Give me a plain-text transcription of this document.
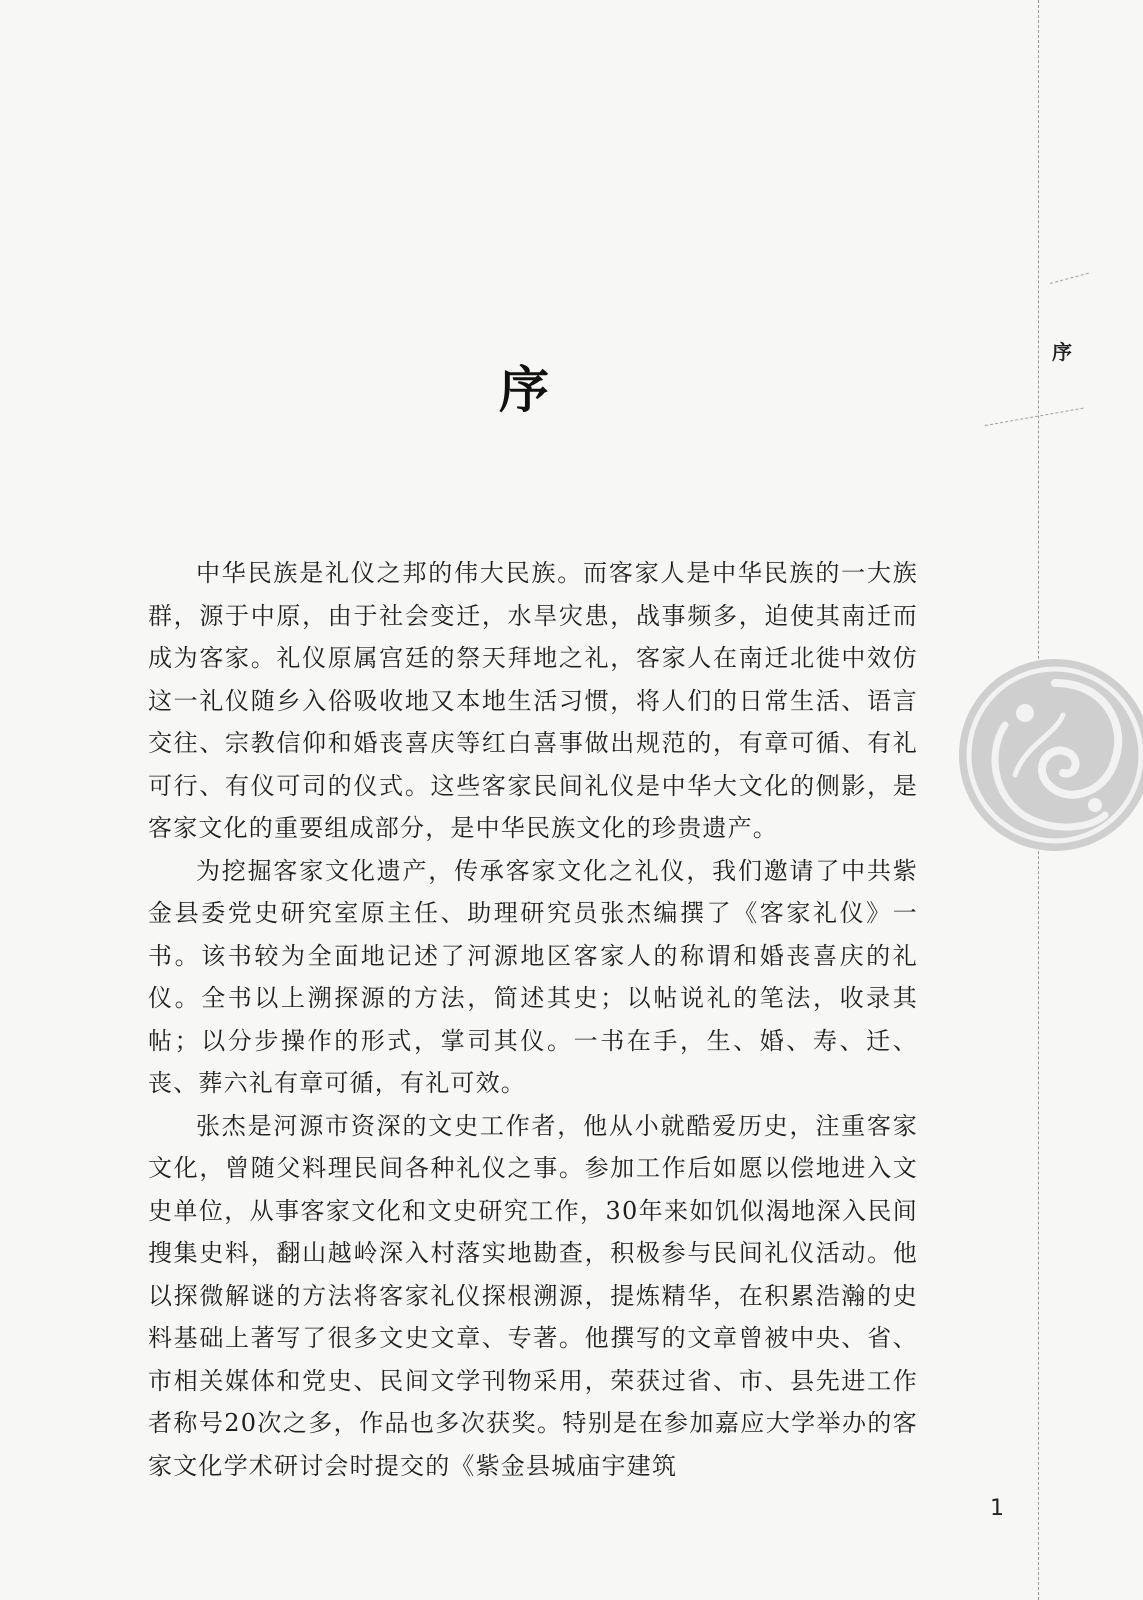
序
序

中华民族是礼仪之邦的伟大民族。而客家人是中华民族的一大族群，源于中原，由于社会变迁，水旱灾患，战事频多，迫使其南迁而成为客家。礼仪原属宫廷的祭天拜地之礼，客家人在南迁北徙中效仿这一礼仪随乡入俗吸收地又本地生活习惯，将人们的日常生活、语言交往、宗教信仰和婚丧喜庆等红白喜事做出规范的，有章可循、有礼可行、有仪可司的仪式。这些客家民间礼仪是中华大文化的侧影，是客家文化的重要组成部分，是中华民族文化的珍贵遗产。

为挖掘客家文化遗产，传承客家文化之礼仪，我们邀请了中共紫金县委党史研究室原主任、助理研究员张杰编撰了《客家礼仪》一书。该书较为全面地记述了河源地区客家人的称谓和婚丧喜庆的礼仪。全书以上溯探源的方法，简述其史；以帖说礼的笔法，收录其帖；以分步操作的形式，掌司其仪。一书在手，生、婚、寿、迁、丧、葬六礼有章可循，有礼可效。

张杰是河源市资深的文史工作者，他从小就酷爱历史，注重客家文化，曾随父料理民间各种礼仪之事。参加工作后如愿以偿地进入文史单位，从事客家文化和文史研究工作，30年来如饥似渴地深入民间搜集史料，翻山越岭深入村落实地勘查，积极参与民间礼仪活动。他以探微解谜的方法将客家礼仪探根溯源，提炼精华，在积累浩瀚的史料基础上著写了很多文史文章、专著。他撰写的文章曾被中央、省、市相关媒体和党史、民间文学刊物采用，荣获过省、市、县先进工作者称号20次之多，作品也多次获奖。特别是在参加嘉应大学举办的客家文化学术研讨会时提交的《紫金县城庙宇建筑

1
